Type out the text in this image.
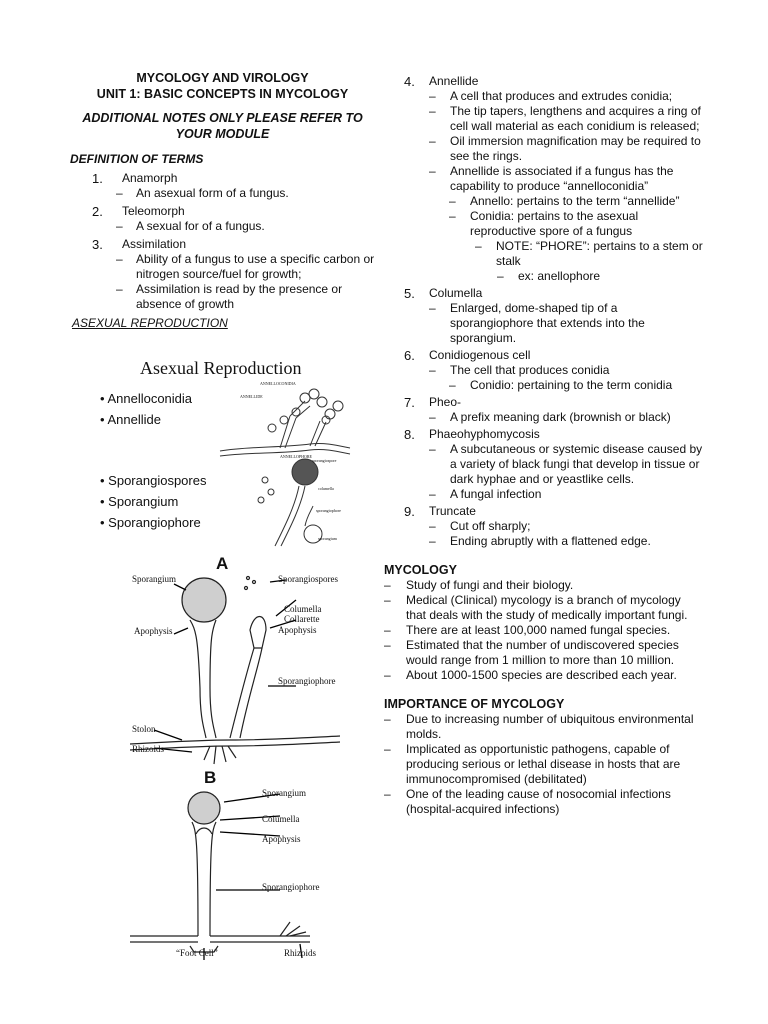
MYCOLOGY AND VIROLOGY
UNIT 1: BASIC CONCEPTS IN MYCOLOGY
ADDITIONAL NOTES ONLY PLEASE REFER TO
YOUR MODULE
DEFINITION OF TERMS
1.	Anamorph
– An asexual form of a fungus.
2.	Teleomorph
– A sexual for of a fungus.
3.	Assimilation
– Ability of a fungus to use a specific carbon or nitrogen source/fuel for growth;
– Assimilation is read by the presence or absence of growth
ASEXUAL REPRODUCTION
Asexual Reproduction
• Annelloconidia
• Annellide
• Sporangiospores
• Sporangium
• Sporangiophore
ANNELLOCONIDIA
ANNELLIDE
ANNELLOPHORE
sporangiospore
columella
sporangiophore
sporangium
A
Sporangium	Sporangiospores
Columella
Collarette
Apophysis	Apophysis
Sporangiophore
Stolon
Rhizoids
B
Sporangium
Columella
Apophysis
Sporangiophore
“Foot Cell”	Rhizoids
4. Annellide
– A cell that produces and extrudes conidia;
– The tip tapers, lengthens and acquires a ring of cell wall material as each conidium is released;
– Oil immersion magnification may be required to see the rings.
– Annellide is associated if a fungus has the capability to produce “annelloconidia”
– Annello: pertains to the term “annellide”
– Conidia: pertains to the asexual reproductive spore of a fungus
– NOTE: “PHORE”: pertains to a stem or stalk
– ex: anellophore
5. Columella
– Enlarged, dome-shaped tip of a sporangiophore that extends into the sporangium.
6. Conidiogenous cell
– The cell that produces conidia
– Conidio: pertaining to the term conidia
7. Pheo-
– A prefix meaning dark (brownish or black)
8. Phaeohyphomycosis
– A subcutaneous or systemic disease caused by a variety of black fungi that develop in tissue or dark hyphae and or yeastlike cells.
– A fungal infection
9. Truncate
– Cut off sharply;
– Ending abruptly with a flattened edge.
MYCOLOGY
– Study of fungi and their biology.
– Medical (Clinical) mycology is a branch of mycology that deals with the study of medically important fungi.
– There are at least 100,000 named fungal species.
– Estimated that the number of undiscovered species would range from 1 million to more than 10 million.
– About 1000-1500 species are described each year.
IMPORTANCE OF MYCOLOGY
– Due to increasing number of ubiquitous environmental molds.
– Implicated as opportunistic pathogens, capable of producing serious or lethal disease in hosts that are immunocompromised (debilitated)
– One of the leading cause of nosocomial infections (hospital-acquired infections)
